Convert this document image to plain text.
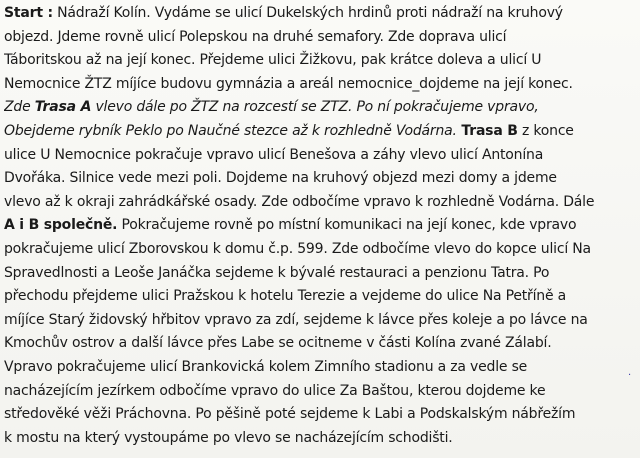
Start : Nádraží Kolín. Vydáme se ulicí Dukelských hrdinů proti nádraží na kruhový
objezd. Jdeme rovně ulicí Polepskou na druhé semafory. Zde doprava ulicí
Táboritskou až na její konec. Přejdeme ulici Žižkovu, pak krátce doleva a ulicí U
Nemocnice ŽTZ míjíce budovu gymnázia a areál nemocnice_dojdeme na její konec.
Zde Trasa A vlevo dále po ŽTZ na rozcestí se ZTZ. Po ní pokračujeme vpravo,
Obejdeme rybník Peklo po Naučné stezce až k rozhledně Vodárna. Trasa B z konce
ulice U Nemocnice pokračuje vpravo ulicí Benešova a záhy vlevo ulicí Antonína
Dvořáka. Silnice vede mezi poli. Dojdeme na kruhový objezd mezi domy a jdeme
vlevo až k okraji zahrádkářské osady. Zde odbočíme vpravo k rozhledně Vodárna. Dále
A i B společně. Pokračujeme rovně po místní komunikaci na její konec, kde vpravo
pokračujeme ulicí Zborovskou k domu č.p. 599. Zde odbočíme vlevo do kopce ulicí Na
Spravedlnosti a Leoše Janáčka sejdeme k bývalé restauraci a penzionu Tatra. Po
přechodu přejdeme ulici Pražskou k hotelu Terezie a vejdeme do ulice Na Petříně a
míjíce Starý židovský hřbitov vpravo za zdí, sejdeme k lávce přes koleje a po lávce na
Kmochův ostrov a další lávce přes Labe se ocitneme v části Kolína zvané Zálabí.
Vpravo pokračujeme ulicí Brankovická kolem Zimního stadionu a za vedle se
nacházejícím jezírkem odbočíme vpravo do ulice Za Baštou, kterou dojdeme ke
středověké věži Práchovna. Po pěšině poté sejdeme k Labi a Podskalským nábřežím
k mostu na který vystoupáme po vlevo se nacházejícím schodišti.
·
